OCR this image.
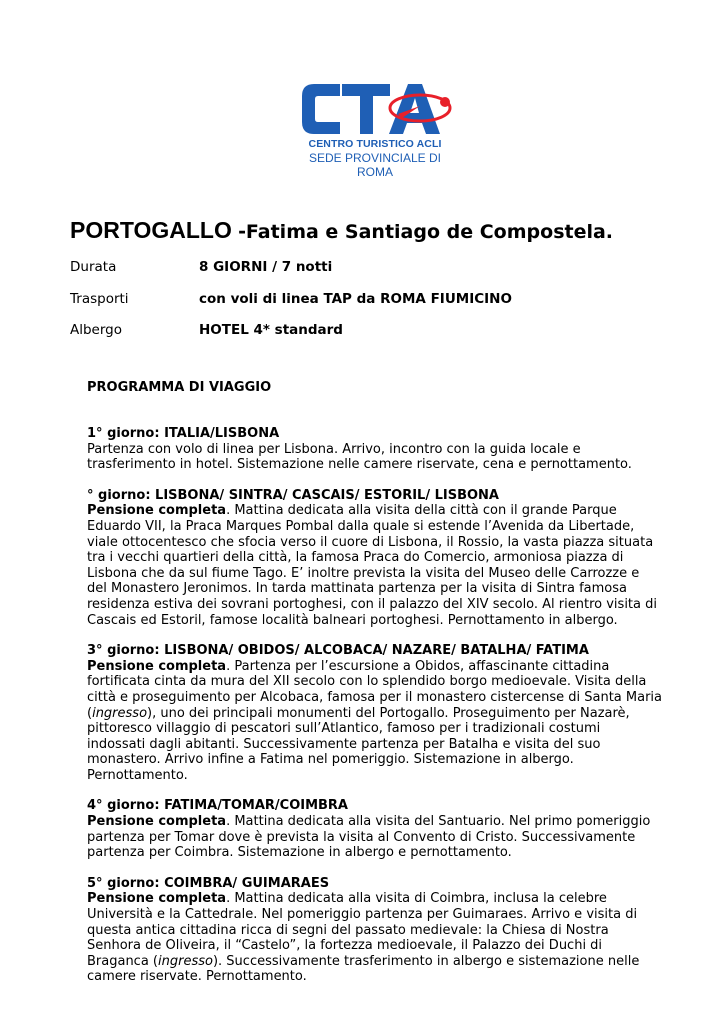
CENTRO TURISTICO ACLI
SEDE PROVINCIALE DI ROMA
PORTOGALLO -Fatima e Santiago de Compostela.
Durata	8 GIORNI / 7 notti
Trasporti	con voli di linea TAP da ROMA FIUMICINO
Albergo	HOTEL 4* standard
PROGRAMMA DI VIAGGIO
1° giorno: ITALIA/LISBONA

Partenza con volo di linea per Lisbona. Arrivo, incontro con la guida locale e trasferimento in hotel. Sistemazione nelle camere riservate, cena e pernottamento.

° giorno: LISBONA/ SINTRA/ CASCAIS/ ESTORIL/ LISBONA

Pensione completa. Mattina dedicata alla visita della città con il grande Parque Eduardo VII, la Praca Marques Pombal dalla quale si estende l’Avenida da Libertade, viale ottocentesco che sfocia verso il cuore di Lisbona, il Rossio, la vasta piazza situata tra i vecchi quartieri della città, la famosa Praca do Comercio, armoniosa piazza di Lisbona che da sul fiume Tago. E’ inoltre prevista la visita del Museo delle Carrozze e del Monastero Jeronimos. In tarda mattinata partenza per la visita di Sintra famosa residenza estiva dei sovrani portoghesi, con il palazzo del XIV secolo. Al rientro visita di Cascais ed Estoril, famose località balneari portoghesi. Pernottamento in albergo.

3° giorno: LISBONA/ OBIDOS/ ALCOBACA/ NAZARE/ BATALHA/ FATIMA

Pensione completa. Partenza per l’escursione a Obidos, affascinante cittadina fortificata cinta da mura del XII secolo con lo splendido borgo medioevale. Visita della città e proseguimento per Alcobaca, famosa per il monastero cistercense di Santa Maria (ingresso), uno dei principali monumenti del Portogallo. Proseguimento per Nazarè, pittoresco villaggio di pescatori sull’Atlantico, famoso per i tradizionali costumi indossati dagli abitanti. Successivamente partenza per Batalha e visita del suo monastero. Arrivo infine a Fatima nel pomeriggio. Sistemazione in albergo. Pernottamento.

4° giorno: FATIMA/TOMAR/COIMBRA

Pensione completa. Mattina dedicata alla visita del Santuario. Nel primo pomeriggio partenza per Tomar dove è prevista la visita al Convento di Cristo. Successivamente partenza per Coimbra. Sistemazione in albergo e pernottamento.

5° giorno: COIMBRA/ GUIMARAES

Pensione completa. Mattina dedicata alla visita di Coimbra, inclusa la celebre Università e la Cattedrale. Nel pomeriggio partenza per Guimaraes. Arrivo e visita di questa antica cittadina ricca di segni del passato medievale: la Chiesa di Nostra Senhora de Oliveira, il “Castelo”, la fortezza medioevale, il Palazzo dei Duchi di Braganca (ingresso). Successivamente trasferimento in albergo e sistemazione nelle camere riservate. Pernottamento.
